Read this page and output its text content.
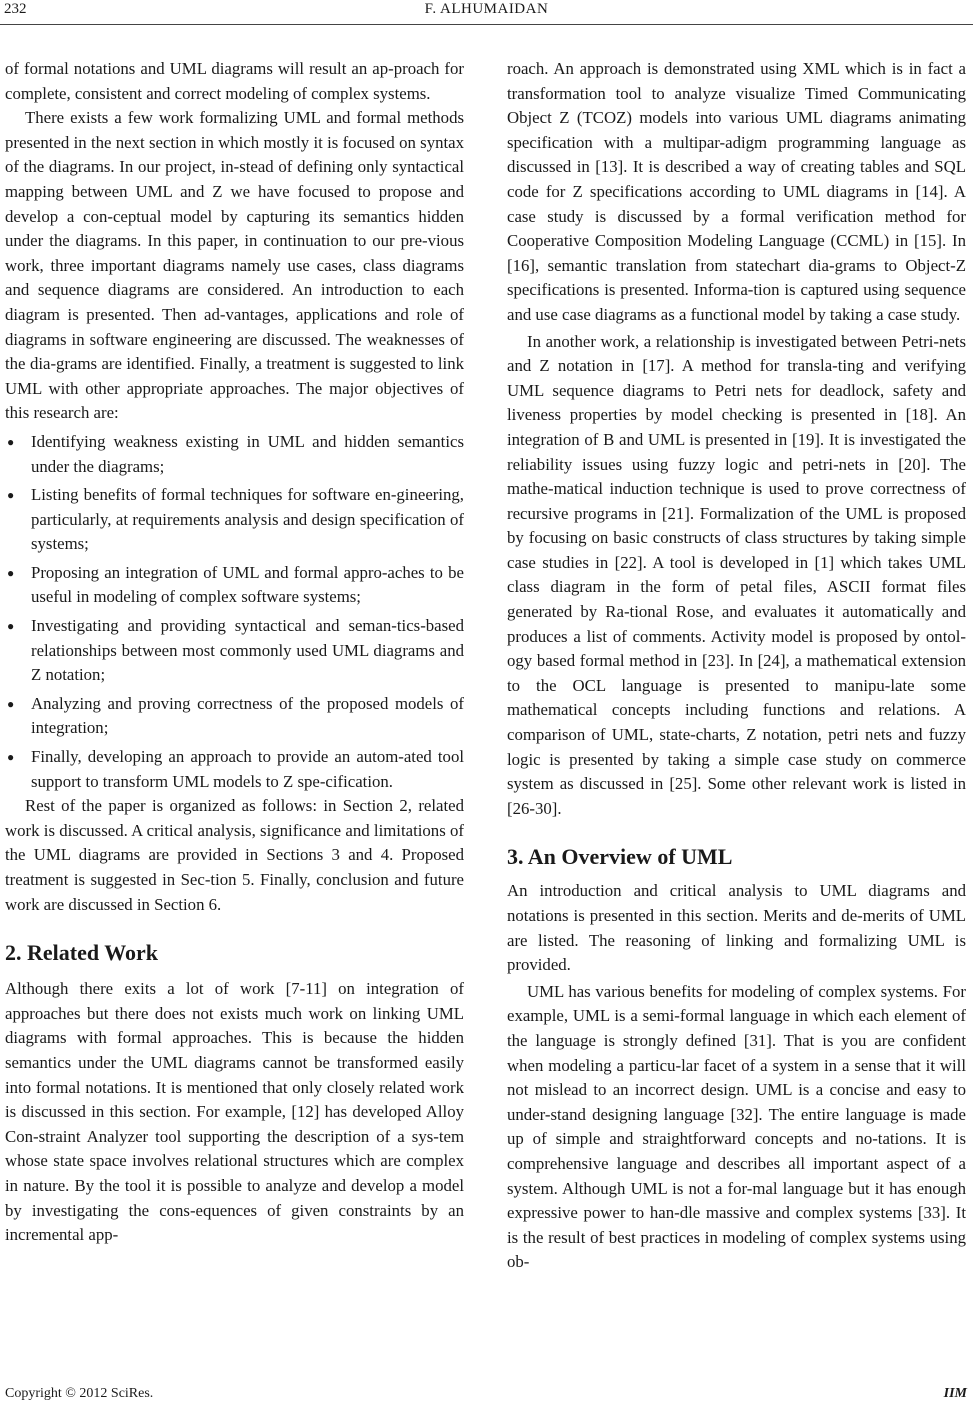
232	F. ALHUMAIDAN

of formal notations and UML diagrams will result an ap-proach for complete, consistent and correct modeling of complex systems.

There exists a few work formalizing UML and formal methods presented in the next section in which mostly it is focused on syntax of the diagrams. In our project, in-stead of defining only syntactical mapping between UML and Z we have focused to propose and develop a con-ceptual model by capturing its semantics hidden under the diagrams. In this paper, in continuation to our pre-vious work, three important diagrams namely use cases, class diagrams and sequence diagrams are considered. An introduction to each diagram is presented. Then ad-vantages, applications and role of diagrams in software engineering are discussed. The weaknesses of the dia-grams are identified. Finally, a treatment is suggested to link UML with other appropriate approaches. The major objectives of this research are:

● Identifying weakness existing in UML and hidden semantics under the diagrams;
● Listing benefits of formal techniques for software en-gineering, particularly, at requirements analysis and design specification of systems;
● Proposing an integration of UML and formal appro-aches to be useful in modeling of complex software systems;
● Investigating and providing syntactical and seman-tics-based relationships between most commonly used UML diagrams and Z notation;
● Analyzing and proving correctness of the proposed models of integration;
● Finally, developing an approach to provide an autom-ated tool support to transform UML models to Z spe-cification.

Rest of the paper is organized as follows: in Section 2, related work is discussed. A critical analysis, significance and limitations of the UML diagrams are provided in Sections 3 and 4. Proposed treatment is suggested in Sec-tion 5. Finally, conclusion and future work are discussed in Section 6.

2. Related Work

Although there exits a lot of work [7-11] on integration of approaches but there does not exists much work on linking UML diagrams with formal approaches. This is because the hidden semantics under the UML diagrams cannot be transformed easily into formal notations. It is mentioned that only closely related work is discussed in this section. For example, [12] has developed Alloy Con-straint Analyzer tool supporting the description of a sys-tem whose state space involves relational structures which are complex in nature. By the tool it is possible to analyze and develop a model by investigating the cons-equences of given constraints by an incremental app-

roach. An approach is demonstrated using XML which is in fact a transformation tool to analyze visualize Timed Communicating Object Z (TCOZ) models into various UML diagrams animating specification with a multipar-adigm programming language as discussed in [13]. It is described a way of creating tables and SQL code for Z specifications according to UML diagrams in [14]. A case study is discussed by a formal verification method for Cooperative Composition Modeling Language (CCML) in [15]. In [16], semantic translation from statechart dia-grams to Object-Z specifications is presented. Informa-tion is captured using sequence and use case diagrams as a functional model by taking a case study.

In another work, a relationship is investigated between Petri-nets and Z notation in [17]. A method for transla-ting and verifying UML sequence diagrams to Petri nets for deadlock, safety and liveness properties by model checking is presented in [18]. An integration of B and UML is presented in [19]. It is investigated the reliability issues using fuzzy logic and petri-nets in [20]. The mathe-matical induction technique is used to prove correctness of recursive programs in [21]. Formalization of the UML is proposed by focusing on basic constructs of class structures by taking simple case studies in [22]. A tool is developed in [1] which takes UML class diagram in the form of petal files, ASCII format files generated by Ra-tional Rose, and evaluates it automatically and produces a list of comments. Activity model is proposed by ontol-ogy based formal method in [23]. In [24], a mathematical extension to the OCL language is presented to manipu-late some mathematical concepts including functions and relations. A comparison of UML, state-charts, Z notation, petri nets and fuzzy logic is presented by taking a simple case study on commerce system as discussed in [25]. Some other relevant work is listed in [26-30].

3. An Overview of UML

An introduction and critical analysis to UML diagrams and notations is presented in this section. Merits and de-merits of UML are listed. The reasoning of linking and formalizing UML is provided.

UML has various benefits for modeling of complex systems. For example, UML is a semi-formal language in which each element of the language is strongly defined [31]. That is you are confident when modeling a particu-lar facet of a system in a sense that it will not mislead to an incorrect design. UML is a concise and easy to under-stand designing language [32]. The entire language is made up of simple and straightforward concepts and no-tations. It is comprehensive language and describes all important aspect of a system. Although UML is not a for-mal language but it has enough expressive power to han-dle massive and complex systems [33]. It is the result of best practices in modeling of complex systems using ob-

Copyright © 2012 SciRes.	IIM
